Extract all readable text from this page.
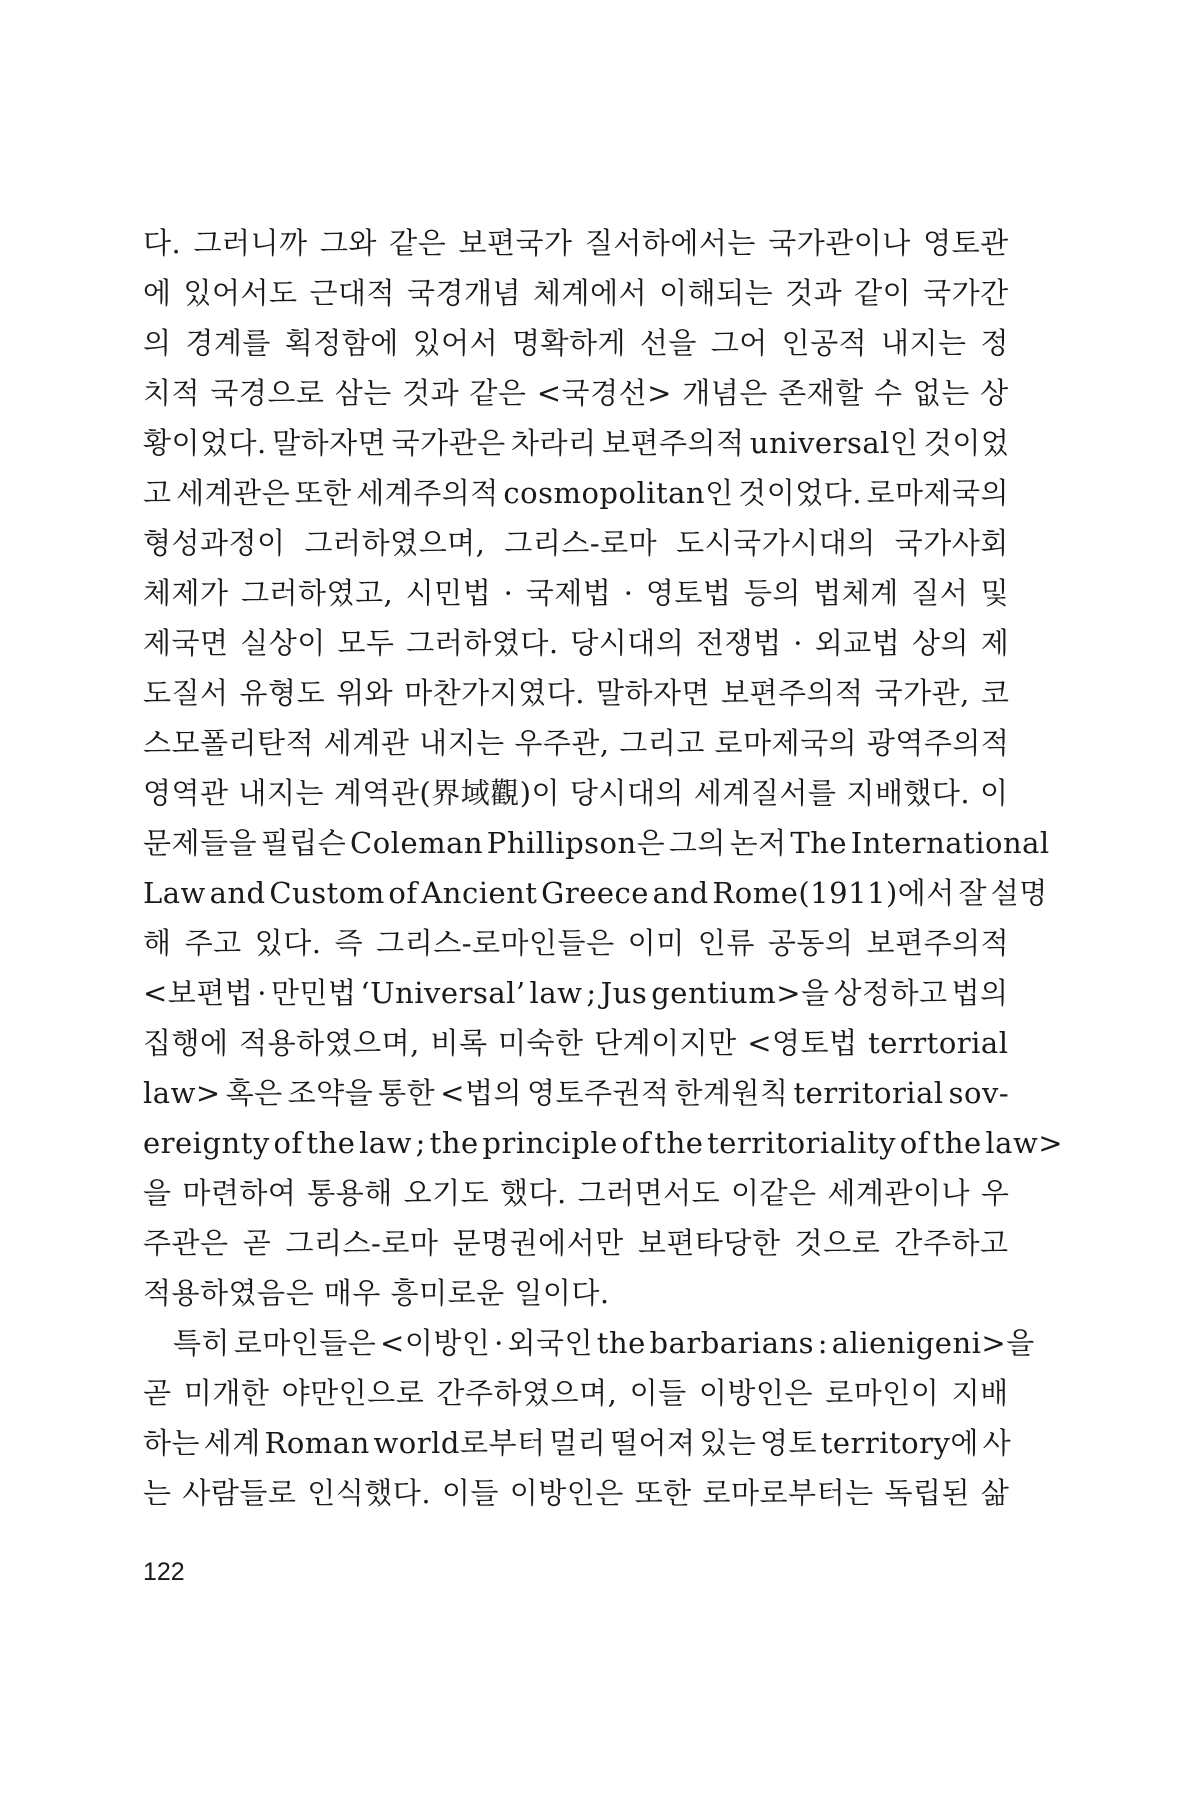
다. 그러니까 그와 같은 보편국가 질서하에서는 국가관이나 영토관
에 있어서도 근대적 국경개념 체계에서 이해되는 것과 같이 국가간
의 경계를 획정함에 있어서 명확하게 선을 그어 인공적 내지는 정
치적 국경으로 삼는 것과 같은 <국경선> 개념은 존재할 수 없는 상
황이었다. 말하자면 국가관은 차라리 보편주의적 universal인 것이었
고 세계관은 또한 세계주의적 cosmopolitan인 것이었다. 로마제국의
형성과정이 그러하였으며, 그리스-로마 도시국가시대의 국가사회
체제가 그러하였고, 시민법 · 국제법 · 영토법 등의 법체계 질서 및
제국면 실상이 모두 그러하였다. 당시대의 전쟁법 · 외교법 상의 제
도질서 유형도 위와 마찬가지였다. 말하자면 보편주의적 국가관, 코
스모폴리탄적 세계관 내지는 우주관, 그리고 로마제국의 광역주의적
영역관 내지는 계역관(界域觀)이 당시대의 세계질서를 지배했다. 이
문제들을 필립슨 Coleman Phillipson은 그의 논저 The International
Law and Custom of Ancient Greece and Rome(1911)에서 잘 설명
해 주고 있다. 즉 그리스-로마인들은 이미 인류 공동의 보편주의적
<보편법 · 만민법 ‘Universal’ law ; Jus gentium>을 상정하고 법의
집행에 적용하였으며, 비록 미숙한 단계이지만 <영토법 terrtorial
law> 혹은 조약을 통한 <법의 영토주권적 한계원칙 territorial sov-
ereignty of the law ; the principle of the territoriality of the law>
을 마련하여 통용해 오기도 했다. 그러면서도 이같은 세계관이나 우
주관은 곧 그리스-로마 문명권에서만 보편타당한 것으로 간주하고
적용하였음은 매우 흥미로운 일이다.
특히 로마인들은 <이방인 · 외국인 the barbarians : alienigeni>을
곧 미개한 야만인으로 간주하였으며, 이들 이방인은 로마인이 지배
하는 세계 Roman world로부터 멀리 떨어져 있는 영토 territory에 사
는 사람들로 인식했다. 이들 이방인은 또한 로마로부터는 독립된 삶
122
